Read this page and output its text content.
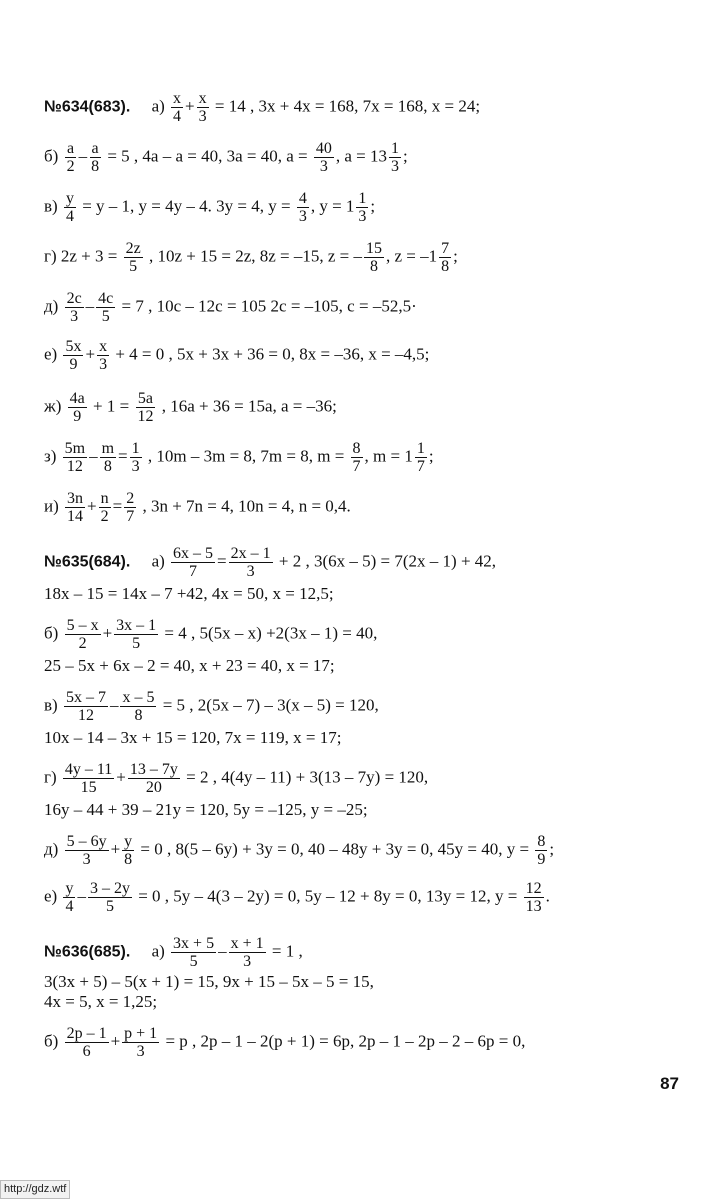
№634(683). $а) \frac{x}{4} + \frac{x}{3} = 14$ , 3x + 4x = 168, 7x = 168, x = 24;
$б) \frac{a}{2} - \frac{a}{8} = 5$ , 4a – a = 40, 3a = 40, $a = \frac{40}{3}$ , $a = 13 \frac{1}{3}$ ;
$в) \frac{y}{4} = y - 1$, y = 4y – 4. 3y = 4, $y = \frac{4}{3}$ , $y = 1 \frac{1}{3}$ ;
г) $2z + 3 = \frac{2z}{5}$ , 10z + 15 = 2z, 8z = –15, z = – $\frac{15}{8}$ , $z = -1 \frac{7}{8}$ ;
$д) \frac{2c}{3} - \frac{4c}{5} = 7$ , 10c – 12c = 105 2c = –105, c = –52,5·
$е) \frac{5x}{9} + \frac{x}{3} + 4 = 0$ , 5x + 3x + 36 = 0, 8x = –36, x = –4,5;
$ж) \frac{4a}{9} + 1 = \frac{5a}{12}$ , 16a + 36 = 15a, a = –36;
$з) \frac{5m}{12} - \frac{m}{8} = \frac{1}{3}$ , 10m – 3m = 8, 7m = 8, $m = \frac{8}{7}$ , $m = 1 \frac{1}{7}$ ;
$и) \frac{3n}{14} + \frac{n}{2} = \frac{2}{7}$ , 3n + 7n = 4, 10n = 4, n = 0,4.
№635(684). $а) \frac{6x - 5}{7} = \frac{2x - 1}{3} + 2$ , 3(6x – 5) = 7(2x – 1) + 42,
18x – 15 = 14x – 7 +42, 4x = 50, x = 12,5;
$б) \frac{5 - x}{2} + \frac{3x - 1}{5} = 4$ , 5(5x – x) +2(3x – 1) = 40,
25 – 5x + 6x – 2 = 40, x + 23 = 40, x = 17;
$в) \frac{5x - 7}{12} - \frac{x - 5}{8} = 5$ , 2(5x – 7) – 3(x – 5) = 120,
10x – 14 – 3x + 15 = 120, 7x = 119, x = 17;
$г) \frac{4y - 11}{15} + \frac{13 - 7y}{20} = 2$ , 4(4y – 11) + 3(13 – 7y) = 120,
16y – 44 + 39 – 21y = 120, 5y = –125, y = –25;
$д) \frac{5 - 6y}{3} + \frac{y}{8} = 0$ , 8(5 – 6y) + 3y = 0, 40 – 48y + 3y = 0, 45y = 40, $y = \frac{8}{9}$ ;
$е) \frac{y}{4} - \frac{3 - 2y}{5} = 0$ , 5y – 4(3 – 2y) = 0, 5y – 12 + 8y = 0, 13y = 12, $y = \frac{12}{13}$ .
№636(685). $а) \frac{3x + 5}{5} - \frac{x + 1}{3} = 1$ ,
3(3x + 5) – 5(x + 1) = 15, 9x + 15 – 5x – 5 = 15,
4x = 5, x = 1,25;
$б) \frac{2p - 1}{6} + \frac{p + 1}{3} = p$ , 2p – 1 – 2(p + 1) = 6p, 2p – 1 – 2p – 2 – 6p = 0,
87
http://gdz.wtf
